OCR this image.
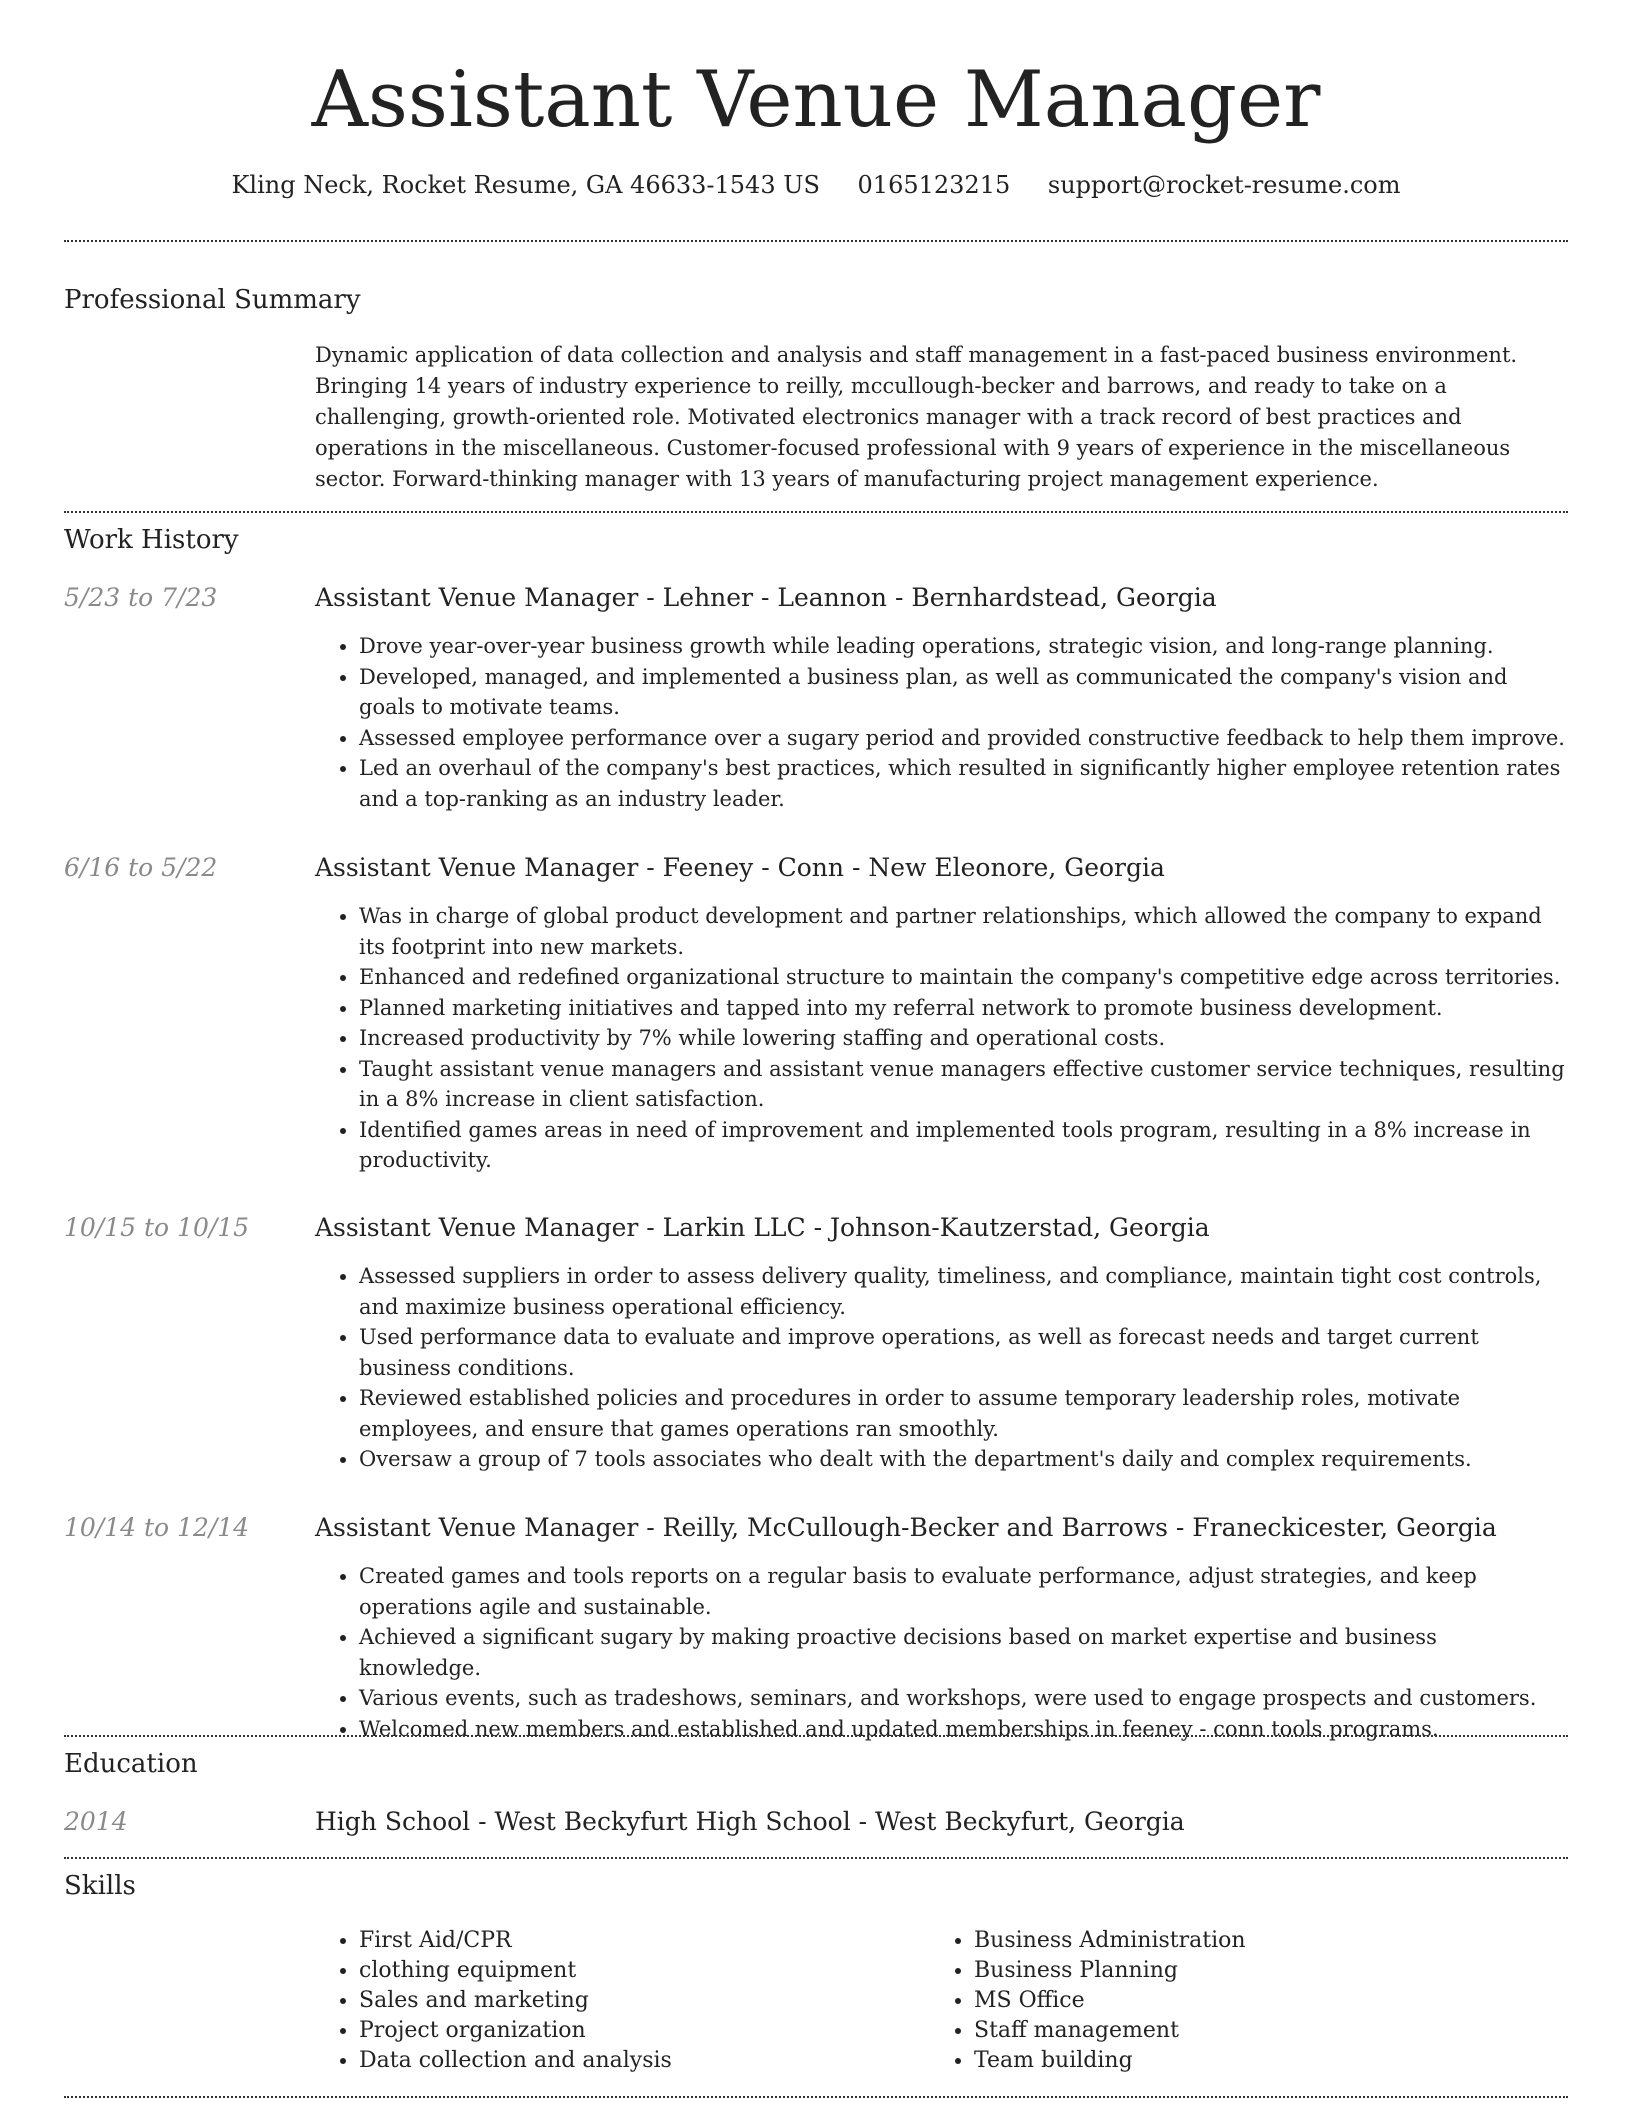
Assistant Venue Manager
Kling Neck, Rocket Resume, GA 46633-1543 US 0165123215 support@rocket-resume.com
Professional Summary
Dynamic application of data collection and analysis and staff management in a fast-paced business environment. Bringing 14 years of industry experience to reilly, mccullough-becker and barrows, and ready to take on a challenging, growth-oriented role. Motivated electronics manager with a track record of best practices and operations in the miscellaneous. Customer-focused professional with 9 years of experience in the miscellaneous sector. Forward-thinking manager with 13 years of manufacturing project management experience.
Work History
5/23 to 7/23	Assistant Venue Manager - Lehner - Leannon - Bernhardstead, Georgia
• Drove year-over-year business growth while leading operations, strategic vision, and long-range planning.
• Developed, managed, and implemented a business plan, as well as communicated the company's vision and goals to motivate teams.
• Assessed employee performance over a sugary period and provided constructive feedback to help them improve.
• Led an overhaul of the company's best practices, which resulted in significantly higher employee retention rates and a top-ranking as an industry leader.
6/16 to 5/22	Assistant Venue Manager - Feeney - Conn - New Eleonore, Georgia
• Was in charge of global product development and partner relationships, which allowed the company to expand its footprint into new markets.
• Enhanced and redefined organizational structure to maintain the company's competitive edge across territories.
• Planned marketing initiatives and tapped into my referral network to promote business development.
• Increased productivity by 7% while lowering staffing and operational costs.
• Taught assistant venue managers and assistant venue managers effective customer service techniques, resulting in a 8% increase in client satisfaction.
• Identified games areas in need of improvement and implemented tools program, resulting in a 8% increase in productivity.
10/15 to 10/15	Assistant Venue Manager - Larkin LLC - Johnson-Kautzerstad, Georgia
• Assessed suppliers in order to assess delivery quality, timeliness, and compliance, maintain tight cost controls, and maximize business operational efficiency.
• Used performance data to evaluate and improve operations, as well as forecast needs and target current business conditions.
• Reviewed established policies and procedures in order to assume temporary leadership roles, motivate employees, and ensure that games operations ran smoothly.
• Oversaw a group of 7 tools associates who dealt with the department's daily and complex requirements.
10/14 to 12/14	Assistant Venue Manager - Reilly, McCullough-Becker and Barrows - Franeckicester, Georgia
• Created games and tools reports on a regular basis to evaluate performance, adjust strategies, and keep operations agile and sustainable.
• Achieved a significant sugary by making proactive decisions based on market expertise and business knowledge.
• Various events, such as tradeshows, seminars, and workshops, were used to engage prospects and customers.
• Welcomed new members and established and updated memberships in feeney - conn tools programs.
Education
2014	High School - West Beckyfurt High School - West Beckyfurt, Georgia
Skills
• First Aid/CPR
• clothing equipment
• Sales and marketing
• Project organization
• Data collection and analysis
• Business Administration
• Business Planning
• MS Office
• Staff management
• Team building
